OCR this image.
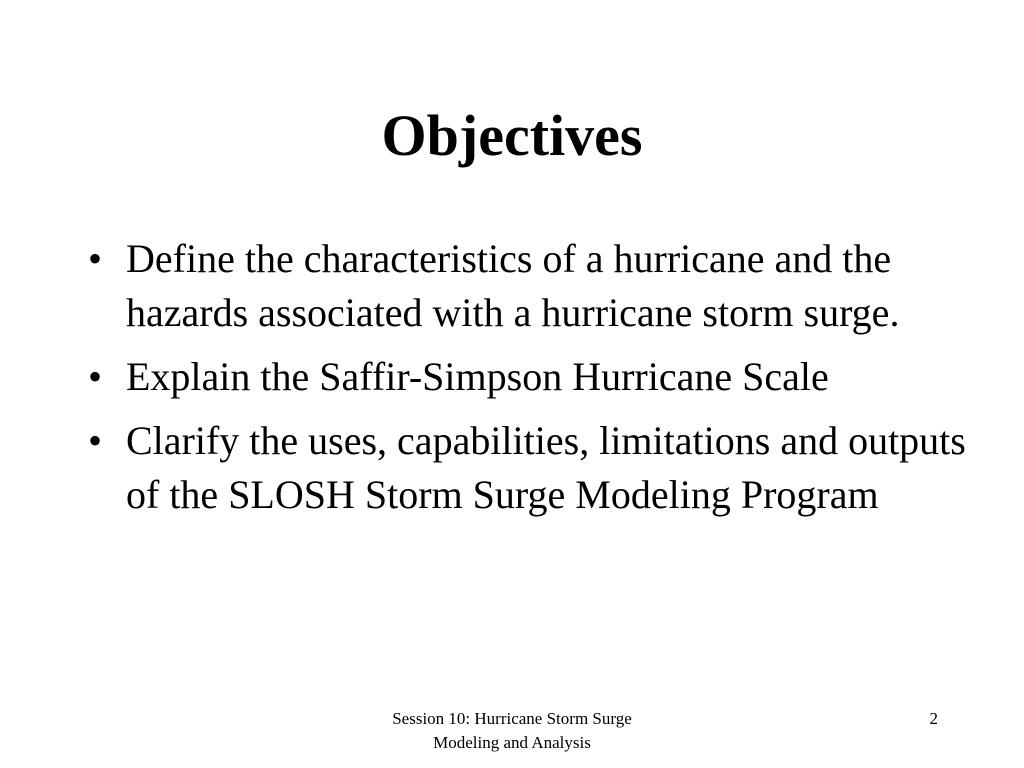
Objectives
• Define the characteristics of a hurricane and the hazards associated with a hurricane storm surge.
• Explain the Saffir-Simpson Hurricane Scale
• Clarify the uses, capabilities, limitations and outputs of the SLOSH Storm Surge Modeling Program
Session 10: Hurricane Storm Surge
Modeling and Analysis
2
